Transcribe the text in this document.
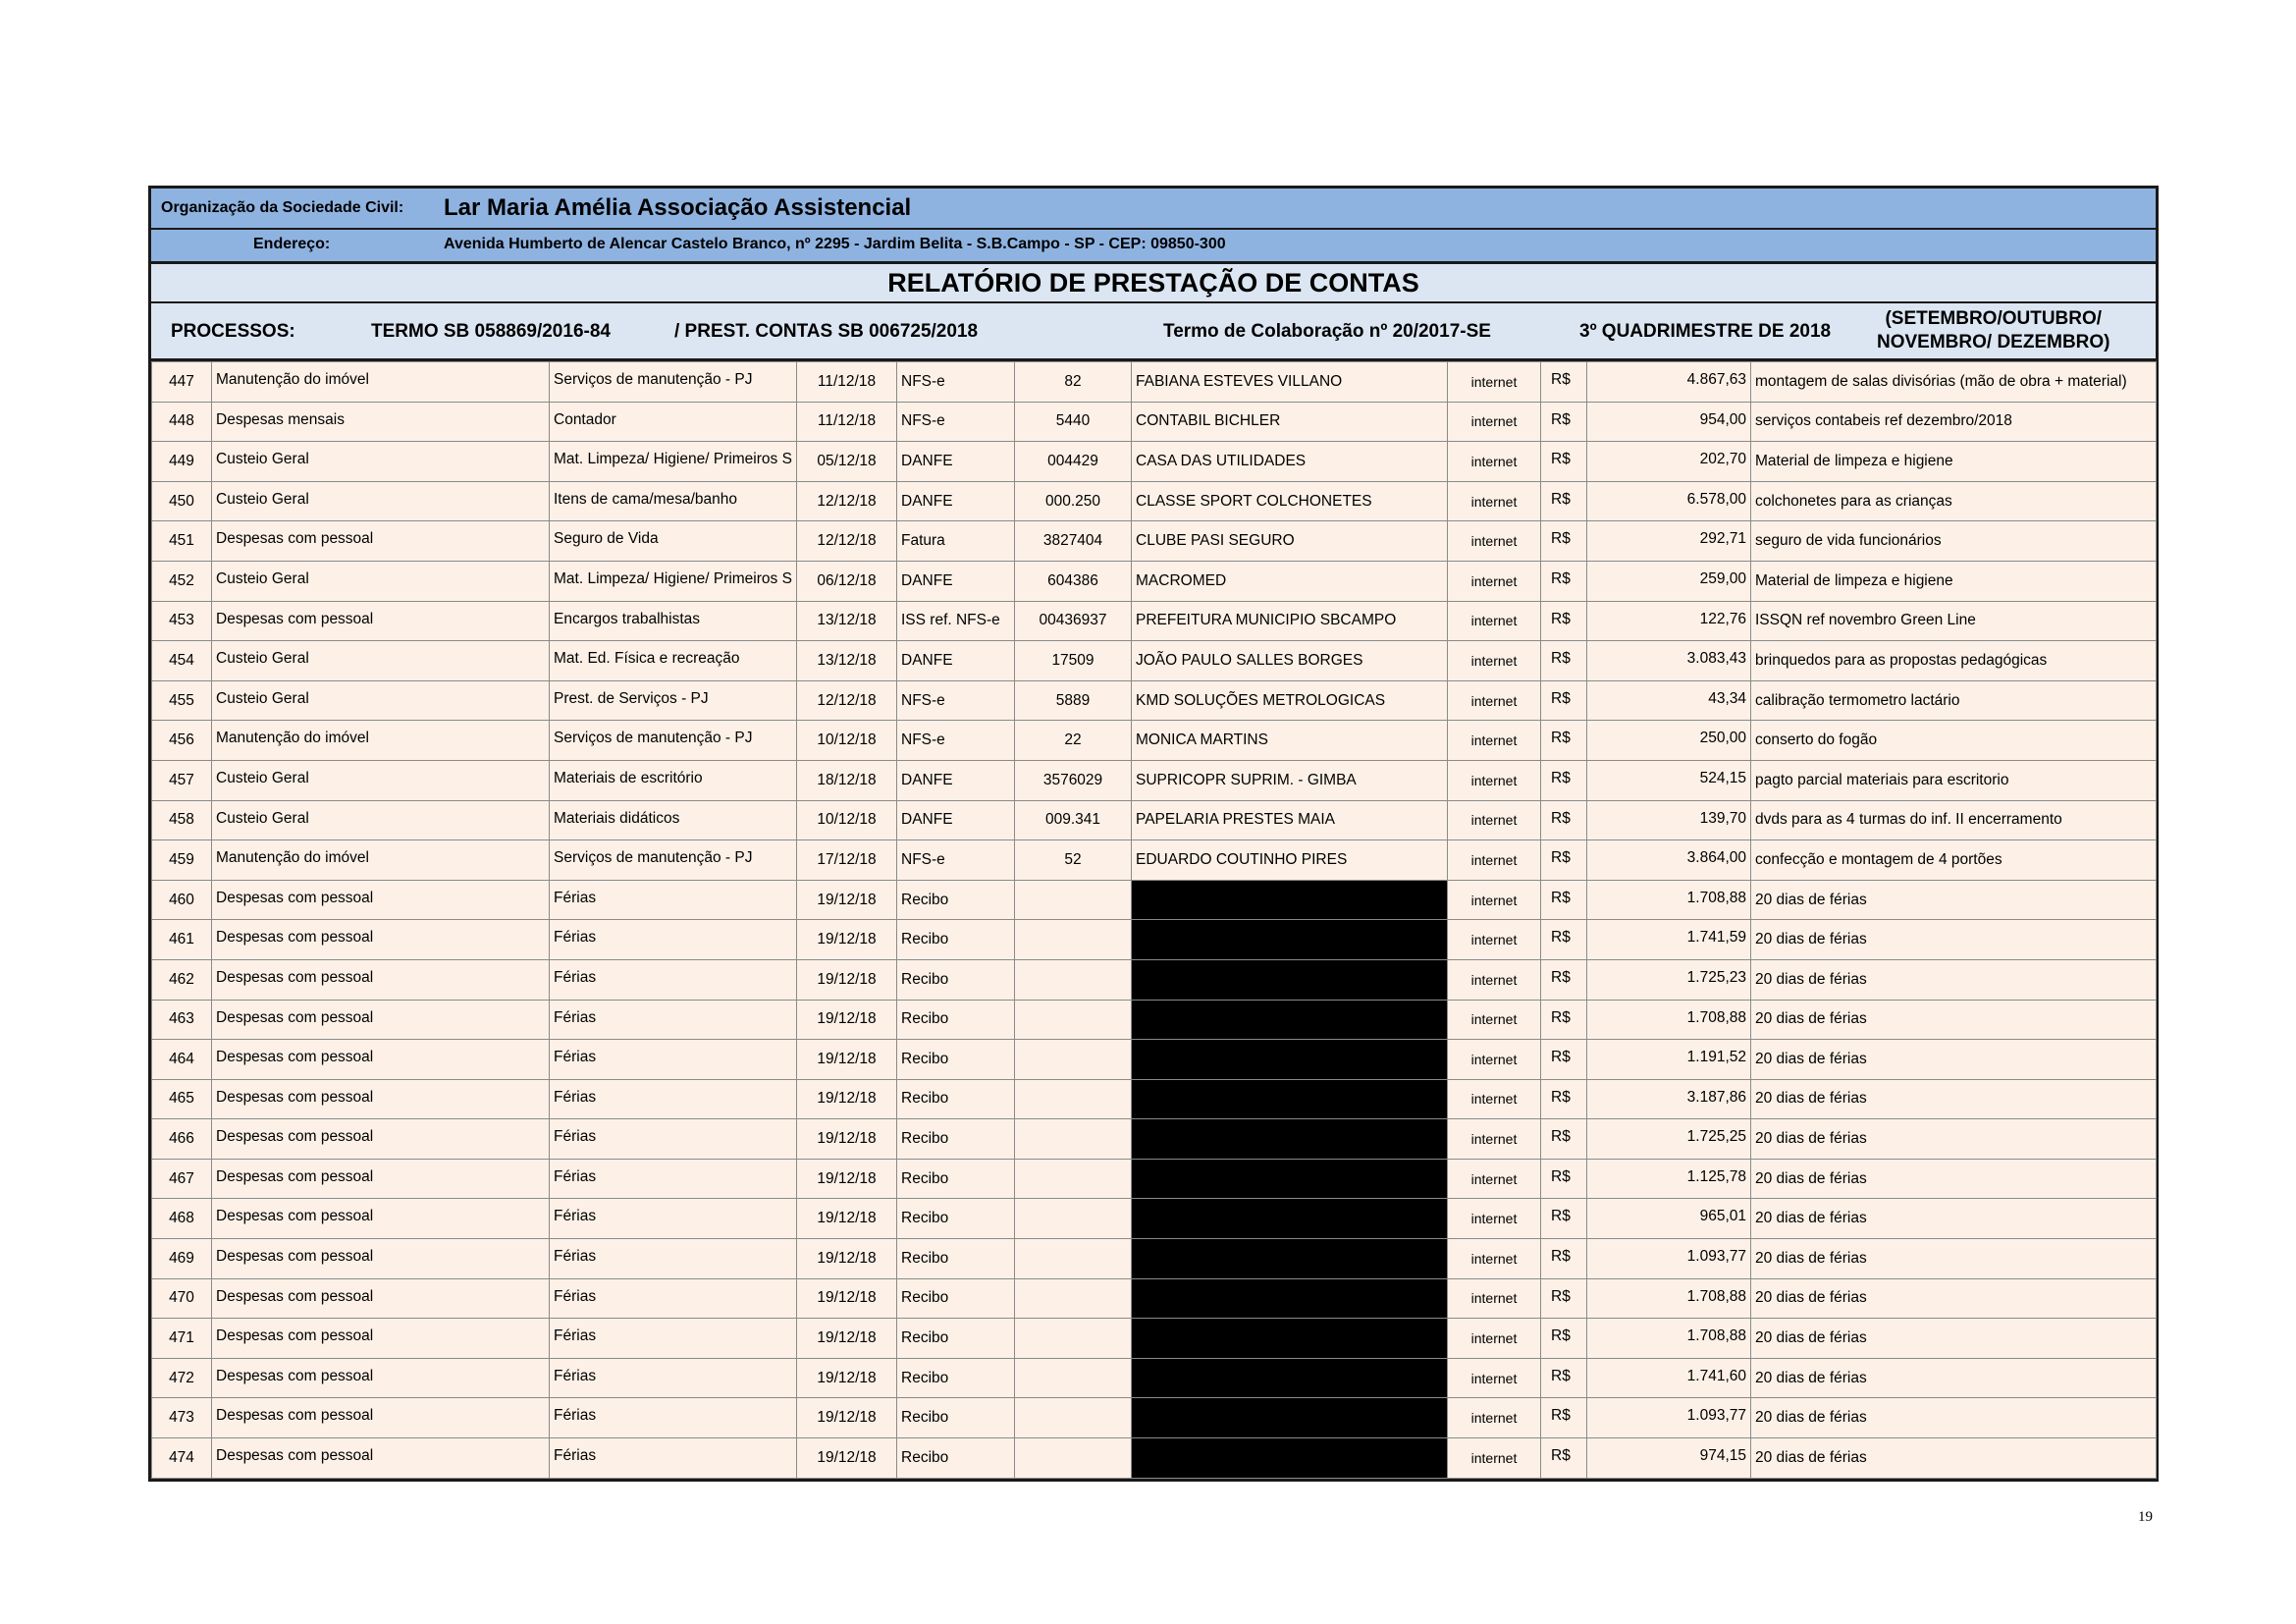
Organização da Sociedade Civil: Lar Maria Amélia Associação Assistencial
Endereço:	Avenida Humberto de Alencar Castelo Branco, nº 2295 - Jardim Belita - S.B.Campo - SP - CEP: 09850-300
RELATÓRIO DE PRESTAÇÃO DE CONTAS
PROCESSOS:	TERMO SB 058869/2016-84	/ PREST. CONTAS SB 006725/2018	Termo de Colaboração nº 20/2017-SE	3º QUADRIMESTRE DE 2018
(SETEMBRO/OUTUBRO/
NOVEMBRO/ DEZEMBRO)
447	Manutenção do imóvel	Serviços de manutenção - PJ	11/12/18	NFS-e	82	FABIANA ESTEVES VILLANO	internet	R$	4.867,63	montagem de salas divisórias (mão de obra + material)
448	Despesas mensais	Contador	11/12/18	NFS-e	5440	CONTABIL BICHLER	internet	R$	954,00	serviços contabeis ref dezembro/2018
449	Custeio Geral	Mat. Limpeza/ Higiene/ Primeiros S	05/12/18	DANFE	004429	CASA DAS UTILIDADES	internet	R$	202,70	Material de limpeza e higiene
450	Custeio Geral	Itens de cama/mesa/banho	12/12/18	DANFE	000.250	CLASSE SPORT COLCHONETES	internet	R$	6.578,00	colchonetes para as crianças
451	Despesas com pessoal	Seguro de Vida	12/12/18	Fatura	3827404	CLUBE PASI SEGURO	internet	R$	292,71	seguro de vida funcionários
452	Custeio Geral	Mat. Limpeza/ Higiene/ Primeiros S	06/12/18	DANFE	604386	MACROMED	internet	R$	259,00	Material de limpeza e higiene
453	Despesas com pessoal	Encargos trabalhistas	13/12/18	ISS ref. NFS-e	00436937	PREFEITURA MUNICIPIO SBCAMPO	internet	R$	122,76	ISSQN ref novembro Green Line
454	Custeio Geral	Mat. Ed. Física e recreação	13/12/18	DANFE	17509	JOÃO PAULO SALLES BORGES	internet	R$	3.083,43	brinquedos para as propostas pedagógicas
455	Custeio Geral	Prest. de Serviços - PJ	12/12/18	NFS-e	5889	KMD SOLUÇÕES METROLOGICAS	internet	R$	43,34	calibração termometro lactário
456	Manutenção do imóvel	Serviços de manutenção - PJ	10/12/18	NFS-e	22	MONICA MARTINS	internet	R$	250,00	conserto do fogão
457	Custeio Geral	Materiais de escritório	18/12/18	DANFE	3576029	SUPRICOPR SUPRIM. - GIMBA	internet	R$	524,15	pagto parcial materiais para escritorio
458	Custeio Geral	Materiais didáticos	10/12/18	DANFE	009.341	PAPELARIA PRESTES MAIA	internet	R$	139,70	dvds para as 4 turmas do inf. II encerramento
459	Manutenção do imóvel	Serviços de manutenção - PJ	17/12/18	NFS-e	52	EDUARDO COUTINHO PIRES	internet	R$	3.864,00	confecção e montagem de 4 portões
460	Despesas com pessoal	Férias	19/12/18	Recibo			internet	R$	1.708,88	20 dias de férias
461	Despesas com pessoal	Férias	19/12/18	Recibo			internet	R$	1.741,59	20 dias de férias
462	Despesas com pessoal	Férias	19/12/18	Recibo			internet	R$	1.725,23	20 dias de férias
463	Despesas com pessoal	Férias	19/12/18	Recibo			internet	R$	1.708,88	20 dias de férias
464	Despesas com pessoal	Férias	19/12/18	Recibo			internet	R$	1.191,52	20 dias de férias
465	Despesas com pessoal	Férias	19/12/18	Recibo			internet	R$	3.187,86	20 dias de férias
466	Despesas com pessoal	Férias	19/12/18	Recibo			internet	R$	1.725,25	20 dias de férias
467	Despesas com pessoal	Férias	19/12/18	Recibo			internet	R$	1.125,78	20 dias de férias
468	Despesas com pessoal	Férias	19/12/18	Recibo			internet	R$	965,01	20 dias de férias
469	Despesas com pessoal	Férias	19/12/18	Recibo			internet	R$	1.093,77	20 dias de férias
470	Despesas com pessoal	Férias	19/12/18	Recibo			internet	R$	1.708,88	20 dias de férias
471	Despesas com pessoal	Férias	19/12/18	Recibo			internet	R$	1.708,88	20 dias de férias
472	Despesas com pessoal	Férias	19/12/18	Recibo			internet	R$	1.741,60	20 dias de férias
473	Despesas com pessoal	Férias	19/12/18	Recibo			internet	R$	1.093,77	20 dias de férias
474	Despesas com pessoal	Férias	19/12/18	Recibo			internet	R$	974,15	20 dias de férias
19
